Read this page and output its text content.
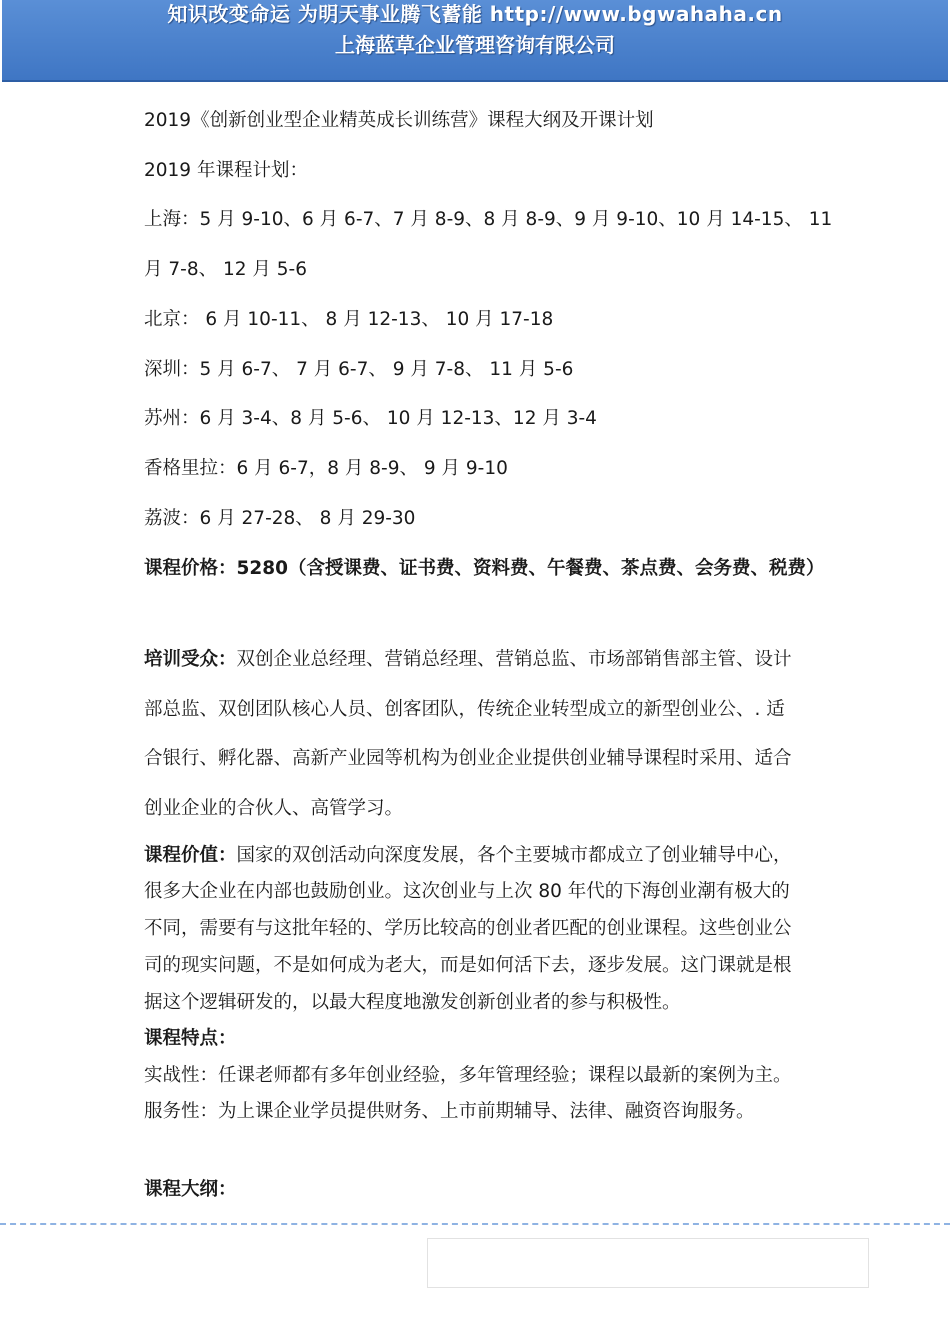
知识改变命运 为明天事业腾飞蓄能 http://www.bgwahaha.cn
上海蓝草企业管理咨询有限公司
2019《创新创业型企业精英成长训练营》课程大纲及开课计划
2019 年课程计划：
上海：5 月 9-10、6 月 6-7、7 月 8-9、8 月 8-9、9 月 9-10、10 月 14-15、 11
月 7-8、 12 月 5-6
北京： 6 月 10-11、 8 月 12-13、 10 月 17-18
深圳：5 月 6-7、 7 月 6-7、 9 月 7-8、 11 月 5-6
苏州：6 月 3-4、8 月 5-6、 10 月 12-13、12 月 3-4
香格里拉：6 月 6-7，8 月 8-9、 9 月 9-10
荔波：6 月 27-28、 8 月 29-30
课程价格：5280（含授课费、证书费、资料费、午餐费、茶点费、会务费、税费）
培训受众：双创企业总经理、营销总经理、营销总监、市场部销售部主管、设计
部总监、双创团队核心人员、创客团队，传统企业转型成立的新型创业公、. 适
合银行、孵化器、高新产业园等机构为创业企业提供创业辅导课程时采用、适合
创业企业的合伙人、高管学习。
课程价值：国家的双创活动向深度发展，各个主要城市都成立了创业辅导中心，
很多大企业在内部也鼓励创业。这次创业与上次 80 年代的下海创业潮有极大的
不同，需要有与这批年轻的、学历比较高的创业者匹配的创业课程。这些创业公
司的现实问题，不是如何成为老大，而是如何活下去，逐步发展。这门课就是根
据这个逻辑研发的，以最大程度地激发创新创业者的参与积极性。
课程特点：
实战性：任课老师都有多年创业经验，多年管理经验；课程以最新的案例为主。
服务性：为上课企业学员提供财务、上市前期辅导、法律、融资咨询服务。
课程大纲：
